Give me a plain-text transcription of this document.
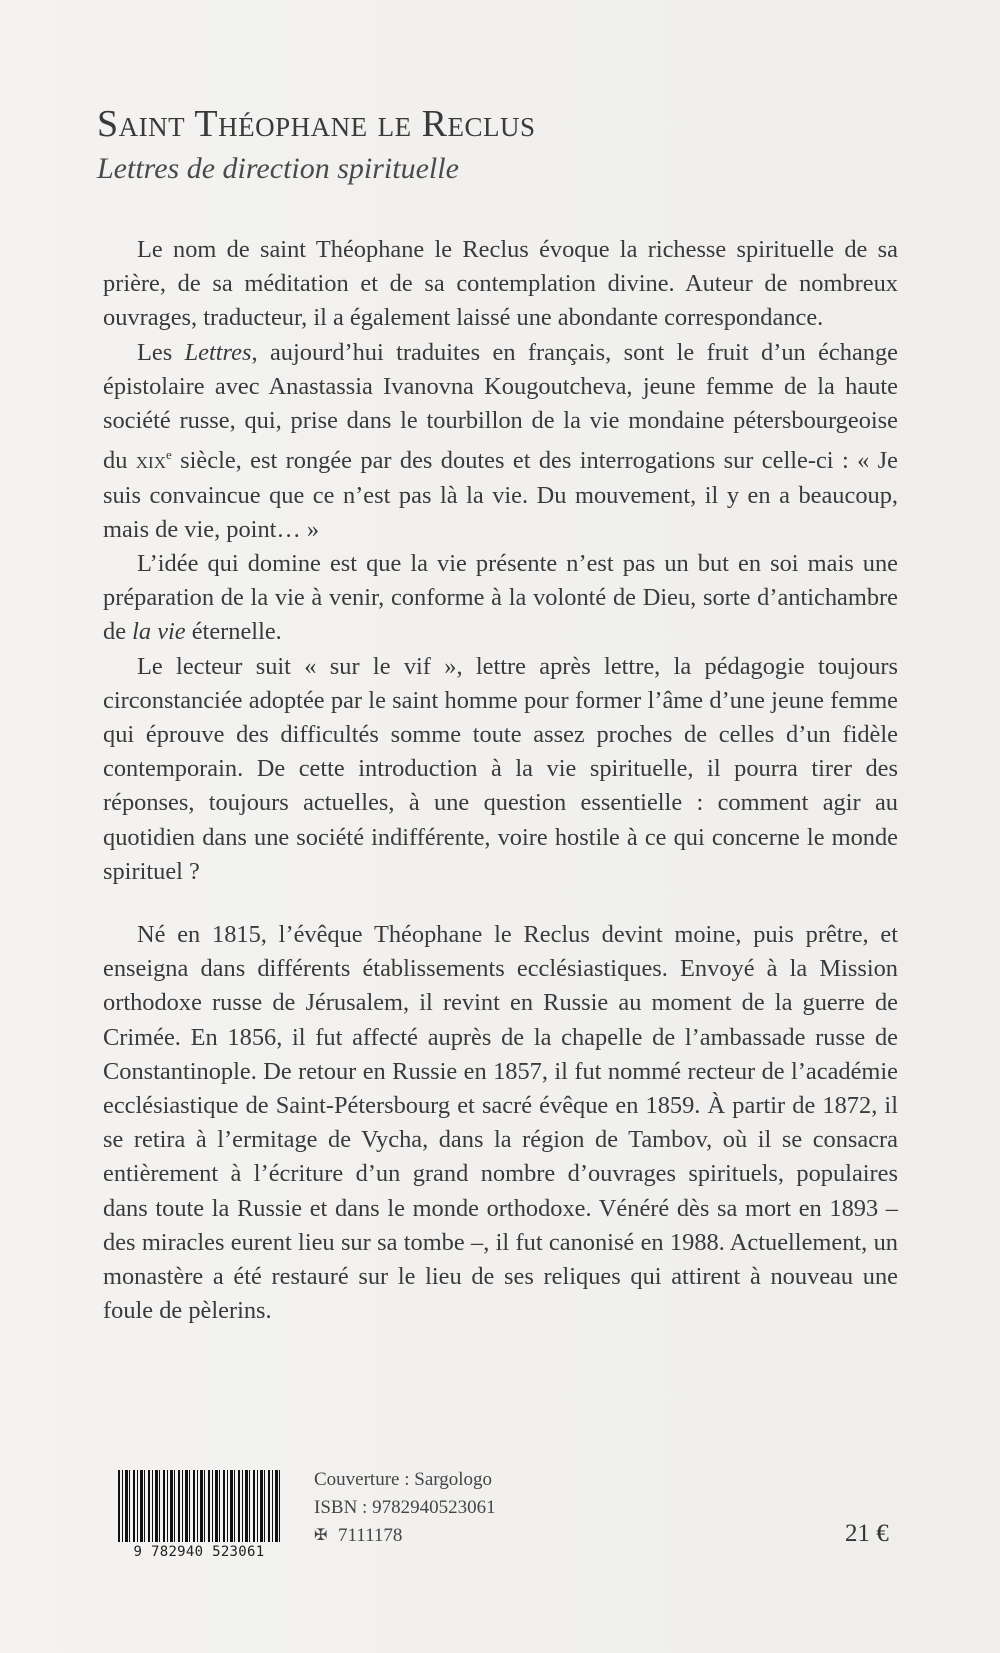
Saint Théophane le Reclus
Lettres de direction spirituelle

Le nom de saint Théophane le Reclus évoque la richesse spirituelle de sa prière, de sa méditation et de sa contemplation divine. Auteur de nombreux ouvrages, traducteur, il a également laissé une abondante correspondance.

Les Lettres, aujourd’hui traduites en français, sont le fruit d’un échange épistolaire avec Anastassia Ivanovna Kougoutcheva, jeune femme de la haute société russe, qui, prise dans le tourbillon de la vie mondaine pétersbourgeoise du xix$^e$ siècle, est rongée par des doutes et des interrogations sur celle-ci : « Je suis convaincue que ce n’est pas là la vie. Du mouvement, il y en a beaucoup, mais de vie, point… »

L’idée qui domine est que la vie présente n’est pas un but en soi mais une préparation de la vie à venir, conforme à la volonté de Dieu, sorte d’antichambre de la vie éternelle.

Le lecteur suit « sur le vif », lettre après lettre, la pédagogie toujours circonstanciée adoptée par le saint homme pour former l’âme d’une jeune femme qui éprouve des difficultés somme toute assez proches de celles d’un fidèle contemporain. De cette introduction à la vie spirituelle, il pourra tirer des réponses, toujours actuelles, à une question essentielle : comment agir au quotidien dans une société indifférente, voire hostile à ce qui concerne le monde spirituel ?

Né en 1815, l’évêque Théophane le Reclus devint moine, puis prêtre, et enseigna dans différents établissements ecclésiastiques. Envoyé à la Mission orthodoxe russe de Jérusalem, il revint en Russie au moment de la guerre de Crimée. En 1856, il fut affecté auprès de la chapelle de l’ambassade russe de Constantinople. De retour en Russie en 1857, il fut nommé recteur de l’académie ecclésiastique de Saint-Pétersbourg et sacré évêque en 1859. À partir de 1872, il se retira à l’ermitage de Vycha, dans la région de Tambov, où il se consacra entièrement à l’écriture d’un grand nombre d’ouvrages spirituels, populaires dans toute la Russie et dans le monde orthodoxe. Vénéré dès sa mort en 1893 – des miracles eurent lieu sur sa tombe –, il fut canonisé en 1988. Actuellement, un monastère a été restauré sur le lieu de ses reliques qui attirent à nouveau une foule de pèlerins.

9 782940 523061
Couverture : Sargologo
ISBN : 9782940523061
✠ 7111178	21 €
